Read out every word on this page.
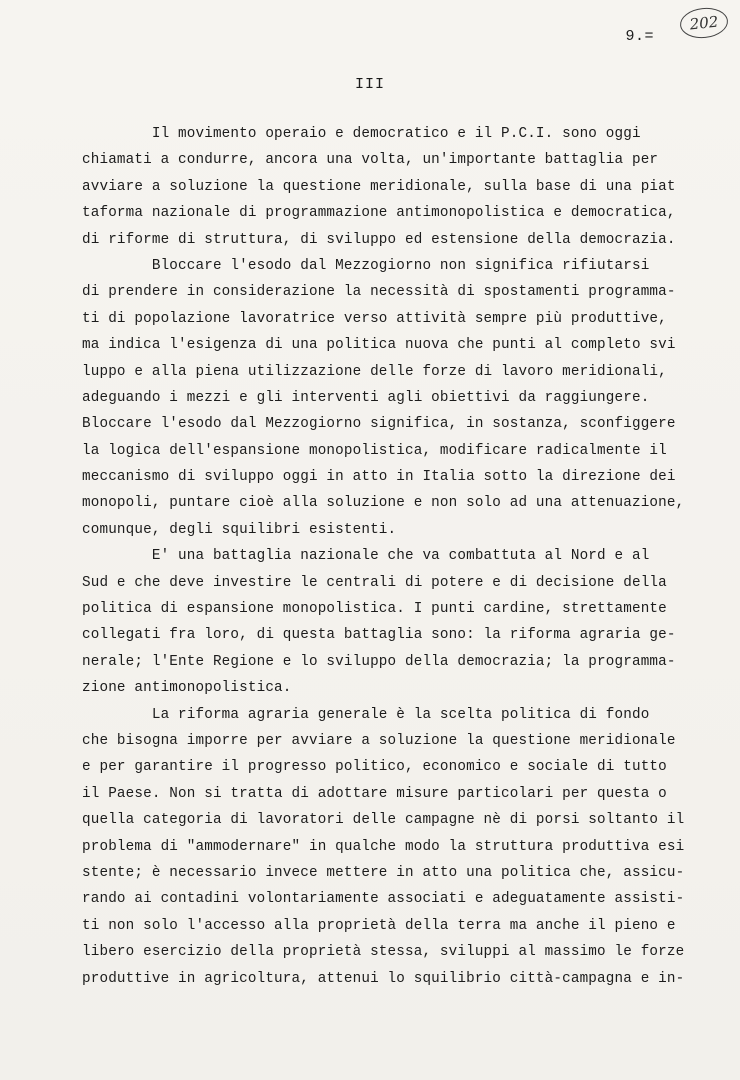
9.=
202
III
Il movimento operaio e democratico e il P.C.I. sono oggi
chiamati a condurre, ancora una volta, un'importante battaglia per
avviare a soluzione la questione meridionale, sulla base di una piat
taforma nazionale di programmazione antimonopolistica e democratica,
di riforme di struttura, di sviluppo ed estensione della democrazia.
Bloccare l'esodo dal Mezzogiorno non significa rifiutarsi
di prendere in considerazione la necessità di spostamenti programma-
ti di popolazione lavoratrice verso attività sempre più produttive,
ma indica l'esigenza di una politica nuova che punti al completo svi
luppo e alla piena utilizzazione delle forze di lavoro meridionali,
adeguando i mezzi e gli interventi agli obiettivi da raggiungere.
Bloccare l'esodo dal Mezzogiorno significa, in sostanza, sconfiggere
la logica dell'espansione monopolistica, modificare radicalmente il
meccanismo di sviluppo oggi in atto in Italia sotto la direzione dei
monopoli, puntare cioè alla soluzione e non solo ad una attenuazione,
comunque, degli squilibri esistenti.
E' una battaglia nazionale che va combattuta al Nord e al
Sud e che deve investire le centrali di potere e di decisione della
politica di espansione monopolistica. I punti cardine, strettamente
collegati fra loro, di questa battaglia sono: la riforma agraria ge-
nerale; l'Ente Regione e lo sviluppo della democrazia; la programma-
zione antimonopolistica.
La riforma agraria generale è la scelta politica di fondo
che bisogna imporre per avviare a soluzione la questione meridionale
e per garantire il progresso politico, economico e sociale di tutto
il Paese. Non si tratta di adottare misure particolari per questa o
quella categoria di lavoratori delle campagne nè di porsi soltanto il
problema di "ammodernare" in qualche modo la struttura produttiva esi
stente; è necessario invece mettere in atto una politica che, assicu-
rando ai contadini volontariamente associati e adeguatamente assisti-
ti non solo l'accesso alla proprietà della terra ma anche il pieno e
libero esercizio della proprietà stessa, sviluppi al massimo le forze
produttive in agricoltura, attenui lo squilibrio città-campagna e in-
